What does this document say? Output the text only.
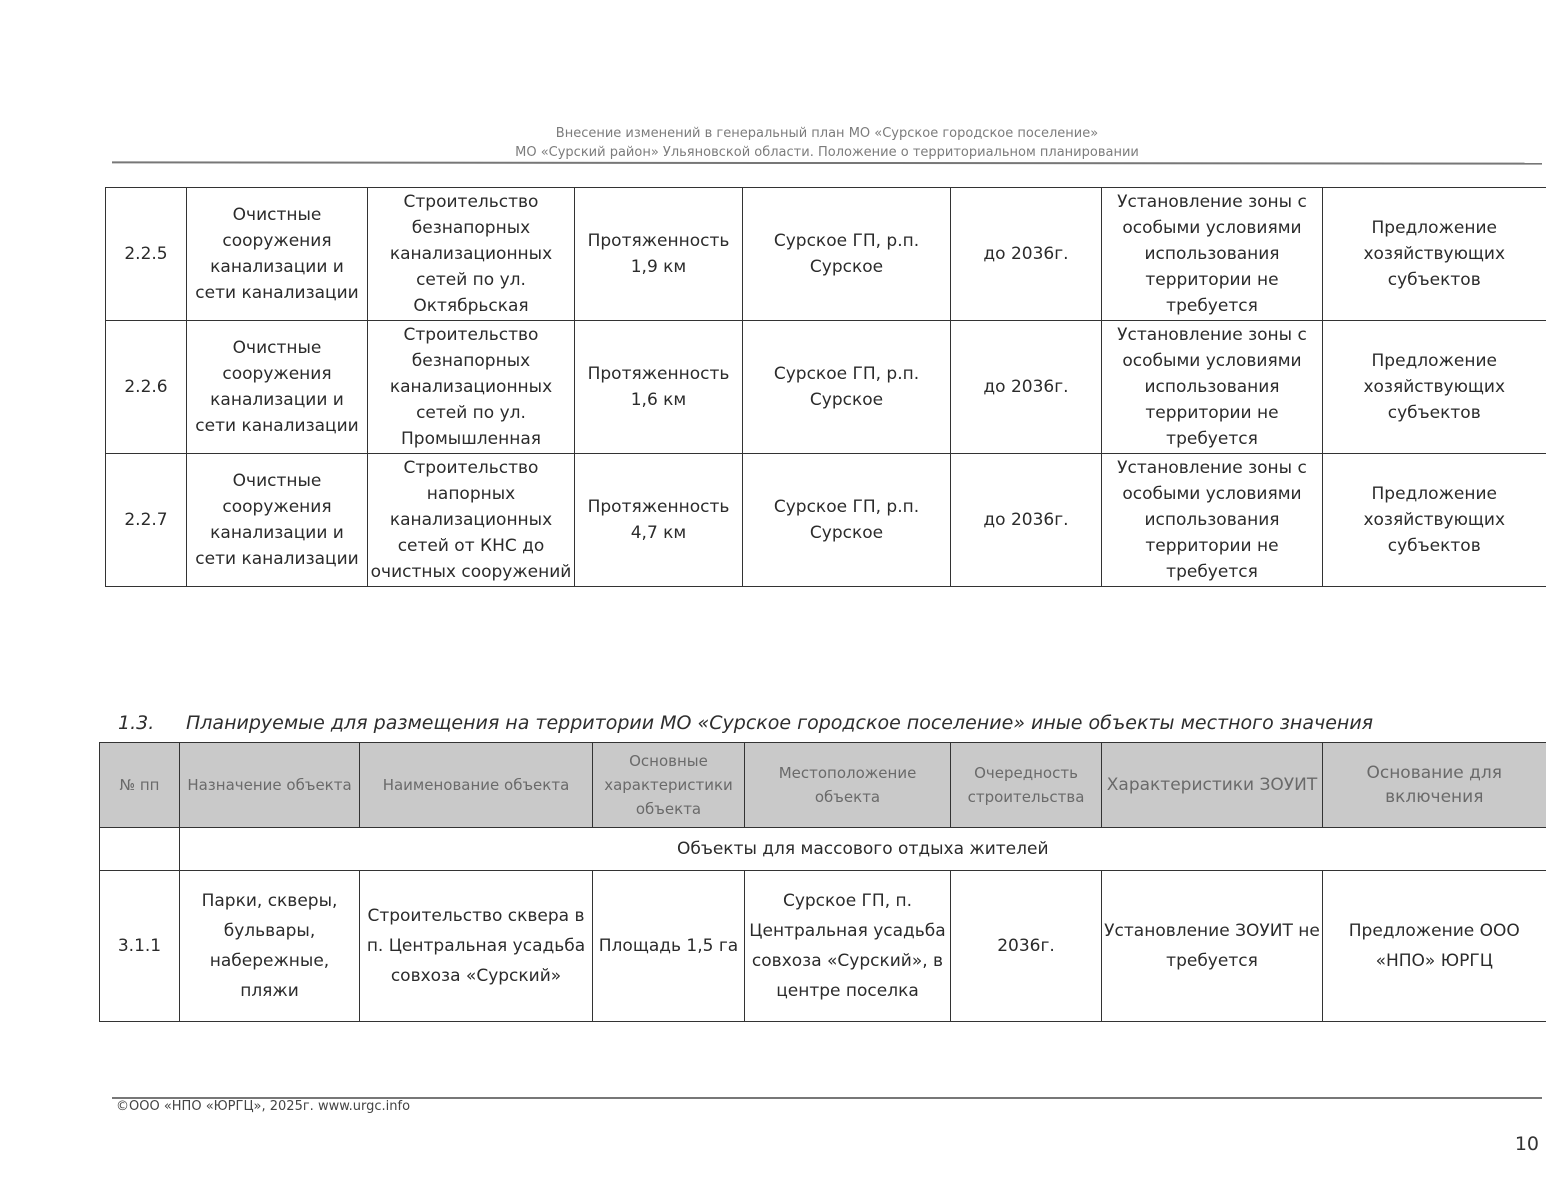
Внесение изменений в генеральный план МО «Сурское городское поселение»
МО «Сурский район» Ульяновской области. Положение о территориальном планировании
2.2.5	Очистные сооружения канализации и сети канализации	Строительство безнапорных канализационных сетей по ул. Октябрьская	Протяженность 1,9 км	Сурское ГП, р.п. Сурское	до 2036г.	Установление зоны с особыми условиями использования территории не требуется	Предложение хозяйствующих субъектов
2.2.6	Очистные сооружения канализации и сети канализации	Строительство безнапорных канализационных сетей по ул. Промышленная	Протяженность 1,6 км	Сурское ГП, р.п. Сурское	до 2036г.	Установление зоны с особыми условиями использования территории не требуется	Предложение хозяйствующих субъектов
2.2.7	Очистные сооружения канализации и сети канализации	Строительство напорных канализационных сетей от КНС до очистных сооружений	Протяженность 4,7 км	Сурское ГП, р.п. Сурское	до 2036г.	Установление зоны с особыми условиями использования территории не требуется	Предложение хозяйствующих субъектов
1.3. Планируемые для размещения на территории МО «Сурское городское поселение» иные объекты местного значения
№ пп	Назначение объекта	Наименование объекта	Основные характеристики объекта	Местоположение объекта	Очередность строительства	Характеристики ЗОУИТ	Основание для включения
	Объекты для массового отдыха жителей						
3.1.1	Парки, скверы, бульвары, набережные, пляжи	Строительство сквера в п. Центральная усадьба совхоза «Сурский»	Площадь 1,5 га	Сурское ГП, п. Центральная усадьба совхоза «Сурский», в центре поселка	2036г.	Установление ЗОУИТ не требуется	Предложение ООО «НПО» ЮРГЦ
©ООО «НПО «ЮРГЦ», 2025г. www.urgc.info
10
